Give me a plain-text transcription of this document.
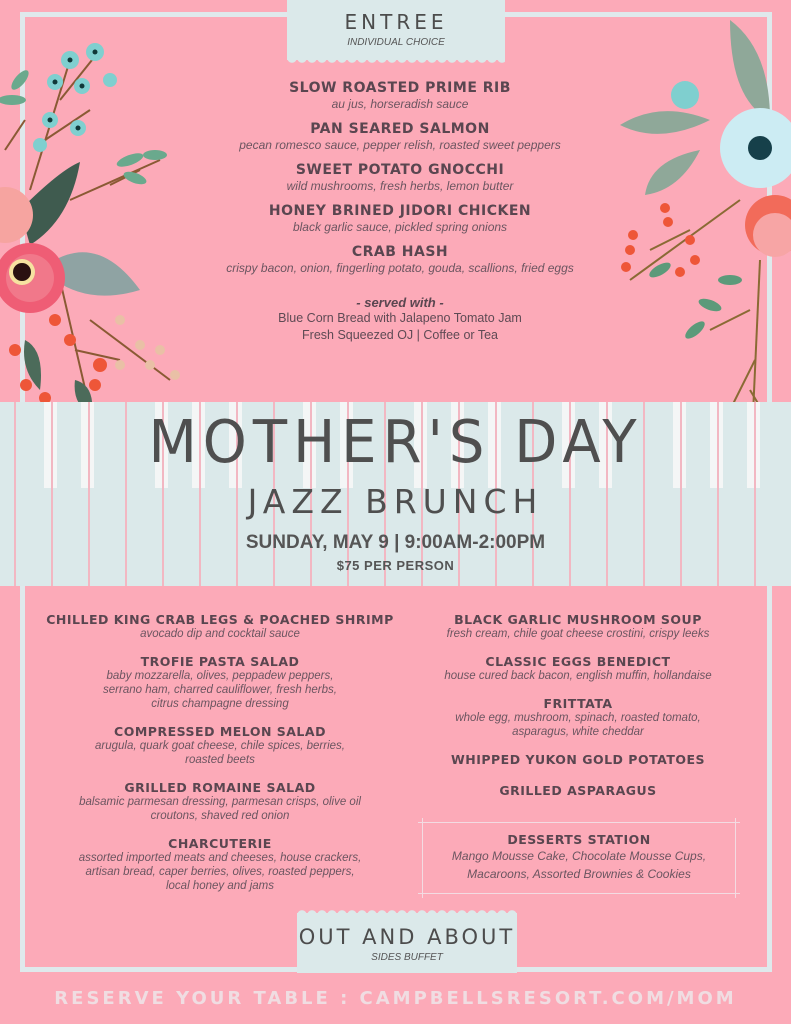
ENTREE
INDIVIDUAL CHOICE
SLOW ROASTED PRIME RIB
au jus, horseradish sauce
PAN SEARED SALMON
pecan romesco sauce, pepper relish, roasted sweet peppers
SWEET POTATO GNOCCHI
wild mushrooms, fresh herbs, lemon butter
HONEY BRINED JIDORI CHICKEN
black garlic sauce, pickled spring onions
CRAB HASH
crispy bacon, onion, fingerling potato, gouda, scallions, fried eggs
- served with -
Blue Corn Bread with Jalapeno Tomato Jam
Fresh Squeezed OJ | Coffee or Tea
MOTHER'S DAY
JAZZ BRUNCH
SUNDAY, MAY 9 | 9:00AM-2:00PM
$75 PER PERSON
CHILLED KING CRAB LEGS & POACHED SHRIMP
avocado dip and cocktail sauce
TROFIE PASTA SALAD
baby mozzarella, olives, peppadew peppers,
serrano ham, charred cauliflower, fresh herbs,
citrus champagne dressing
COMPRESSED MELON SALAD
arugula, quark goat cheese, chile spices, berries,
roasted beets
GRILLED ROMAINE SALAD
balsamic parmesan dressing, parmesan crisps, olive oil
croutons, shaved red onion
CHARCUTERIE
assorted imported meats and cheeses, house crackers,
artisan bread, caper berries, olives, roasted peppers,
local honey and jams
BLACK GARLIC MUSHROOM SOUP
fresh cream, chile goat cheese crostini, crispy leeks
CLASSIC EGGS BENEDICT
house cured back bacon, english muffin, hollandaise
FRITTATA
whole egg, mushroom, spinach, roasted tomato,
asparagus, white cheddar
WHIPPED YUKON GOLD POTATOES
GRILLED ASPARAGUS
DESSERTS STATION
Mango Mousse Cake, Chocolate Mousse Cups,
Macaroons, Assorted Brownies & Cookies
OUT AND ABOUT
SIDES BUFFET
RESERVE YOUR TABLE : CAMPBELLSRESORT.COM/MOM
